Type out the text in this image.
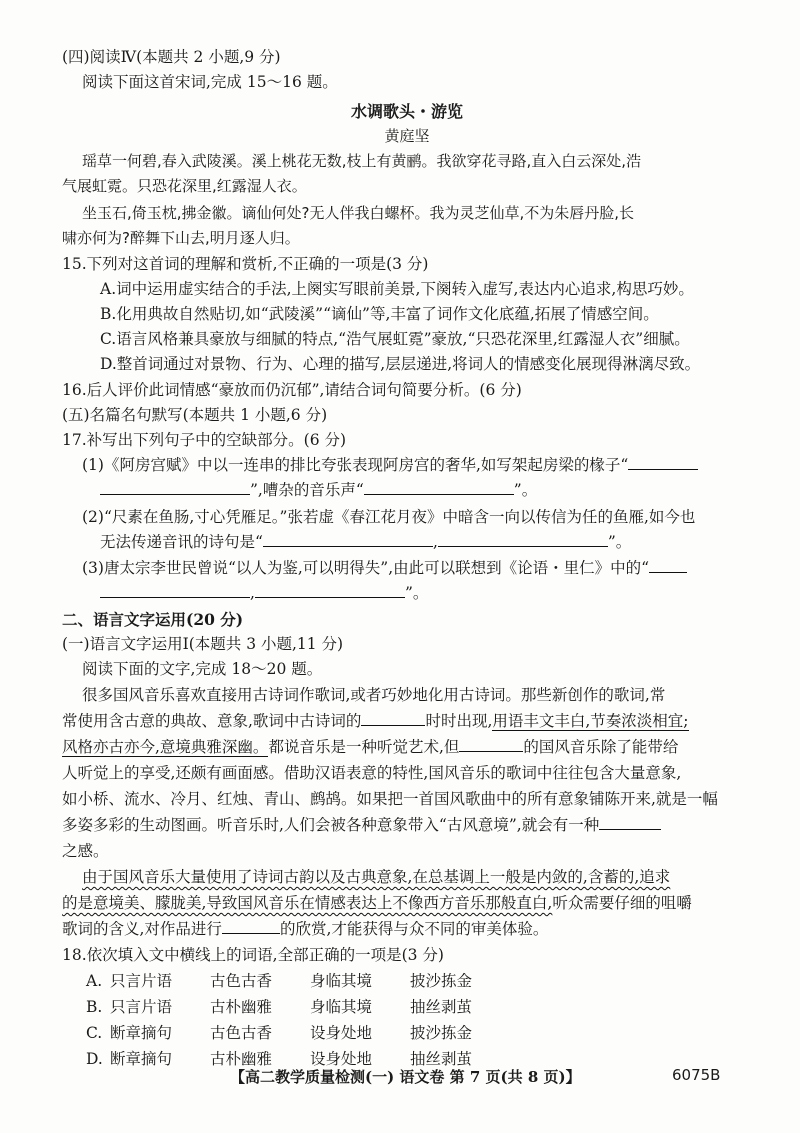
(四)阅读Ⅳ(本题共 2 小题,9 分)
阅读下面这首宋词,完成 15～16 题。
水调歌头・游览
黄庭坚
瑶草一何碧,春入武陵溪。溪上桃花无数,枝上有黄鹂。我欲穿花寻路,直入白云深处,浩
气展虹霓。只恐花深里,红露湿人衣。
坐玉石,倚玉枕,拂金徽。谪仙何处?无人伴我白螺杯。我为灵芝仙草,不为朱唇丹脸,长
啸亦何为?醉舞下山去,明月逐人归。
15.下列对这首词的理解和赏析,不正确的一项是(3 分)
A.词中运用虚实结合的手法,上阕实写眼前美景,下阕转入虚写,表达内心追求,构思巧妙。
B.化用典故自然贴切,如“武陵溪”“谪仙”等,丰富了词作文化底蕴,拓展了情感空间。
C.语言风格兼具豪放与细腻的特点,“浩气展虹霓”豪放,“只恐花深里,红露湿人衣”细腻。
D.整首词通过对景物、行为、心理的描写,层层递进,将词人的情感变化展现得淋漓尽致。
16.后人评价此词情感“豪放而仍沉郁”,请结合词句简要分析。(6 分)
(五)名篇名句默写(本题共 1 小题,6 分)
17.补写出下列句子中的空缺部分。(6 分)
(1)《阿房宫赋》中以一连串的排比夸张表现阿房宫的奢华,如写架起房梁的椽子“
”,嘈杂的音乐声“	”。
(2)“尺素在鱼肠,寸心凭雁足。”张若虚《春江花月夜》中暗含一向以传信为任的鱼雁,如今也
无法传递音讯的诗句是“	,	”。
(3)唐太宗李世民曾说“以人为鉴,可以明得失”,由此可以联想到《论语・里仁》中的“
,	”。
二、语言文字运用(20 分)
(一)语言文字运用Ⅰ(本题共 3 小题,11 分)
阅读下面的文字,完成 18～20 题。
很多国风音乐喜欢直接用古诗词作歌词,或者巧妙地化用古诗词。那些新创作的歌词,常
常使用含古意的典故、意象,歌词中古诗词的	时时出现,用语丰文丰白,节奏浓淡相宜;
风格亦古亦今,意境典雅深幽。都说音乐是一种听觉艺术,但	的国风音乐除了能带给
人听觉上的享受,还颇有画面感。借助汉语表意的特性,国风音乐的歌词中往往包含大量意象,
如小桥、流水、冷月、红烛、青山、鹧鸪。如果把一首国风歌曲中的所有意象铺陈开来,就是一幅
多姿多彩的生动图画。听音乐时,人们会被各种意象带入“古风意境”,就会有一种
之感。
由于国风音乐大量使用了诗词古韵以及古典意象,在总基调上一般是内敛的,含蓄的,追求
的是意境美、朦胧美,导致国风音乐在情感表达上不像西方音乐那般直白,听众需要仔细的咀嚼
歌词的含义,对作品进行	的欣赏,才能获得与众不同的审美体验。
18.依次填入文中横线上的词语,全部正确的一项是(3 分)
A. 只言片语 古色古香 身临其境 披沙拣金
B. 只言片语 古朴幽雅 身临其境 抽丝剥茧
C. 断章摘句 古色古香 设身处地 披沙拣金
D. 断章摘句 古朴幽雅 设身处地 抽丝剥茧
【高二教学质量检测(一) 语文卷 第 7 页(共 8 页)】	6075B
